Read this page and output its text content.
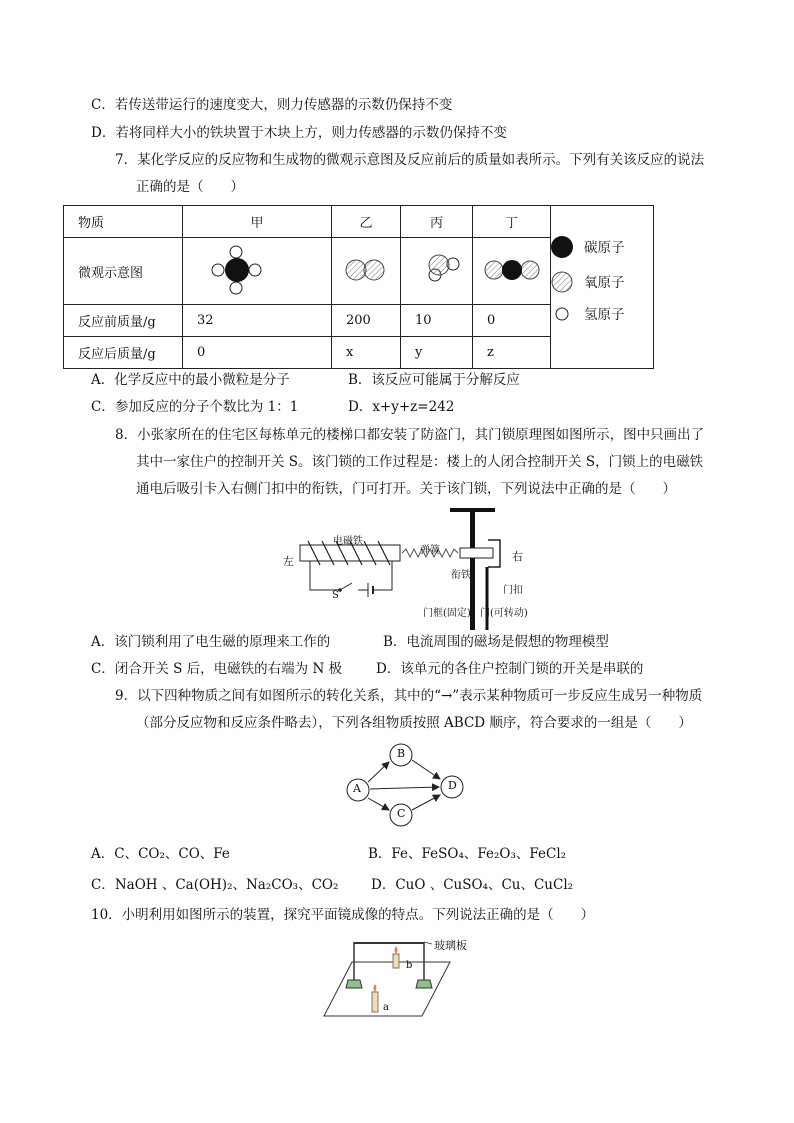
C．若传送带运行的速度变大，则力传感器的示数仍保持不变
D．若将同样大小的铁块置于木块上方，则力传感器的示数仍保持不变
7．某化学反应的反应物和生成物的微观示意图及反应前后的质量如表所示。下列有关该反应的说法
正确的是（　　）
物质	甲	乙	丙	丁	
微观示意图				
反应前质量/g	32	200	10	0	
反应后质量/g	0	x	y	z	
碳原子
氧原子
氢原子
A．化学反应中的最小微粒是分子	B．该反应可能属于分解反应
C．参加反应的分子个数比为 1：1	D．x+y+z=242
8．小张家所在的住宅区每栋单元的楼梯口都安装了防盗门，其门锁原理图如图所示，图中只画出了
其中一家住户的控制开关 S。该门锁的工作过程是：楼上的人闭合控制开关 S，门锁上的电磁铁
通电后吸引卡入右侧门扣中的衔铁，门可打开。关于该门锁，下列说法中正确的是（　　）
左
电磁铁
弹簧	右
衔铁
门扣
S
门框(固定) 门(可转动)
A．该门锁利用了电生磁的原理来工作的	B．电流周围的磁场是假想的物理模型
C．闭合开关 S 后，电磁铁的右端为 N 极	D．该单元的各住户控制门锁的开关是串联的
9．以下四种物质之间有如图所示的转化关系，其中的“→”表示某种物质可一步反应生成另一种物质
（部分反应物和反应条件略去），下列各组物质按照 ABCD 顺序，符合要求的一组是（　　）
A
B
C
D
A．C、CO₂、CO、Fe	B．Fe、FeSO₄、Fe₂O₃、FeCl₂
C．NaOH 、Ca(OH)₂、Na₂CO₃、CO₂ D．CuO 、CuSO₄、Cu、CuCl₂
10．小明利用如图所示的装置，探究平面镜成像的特点。下列说法正确的是（　　）
玻璃板
b
a
